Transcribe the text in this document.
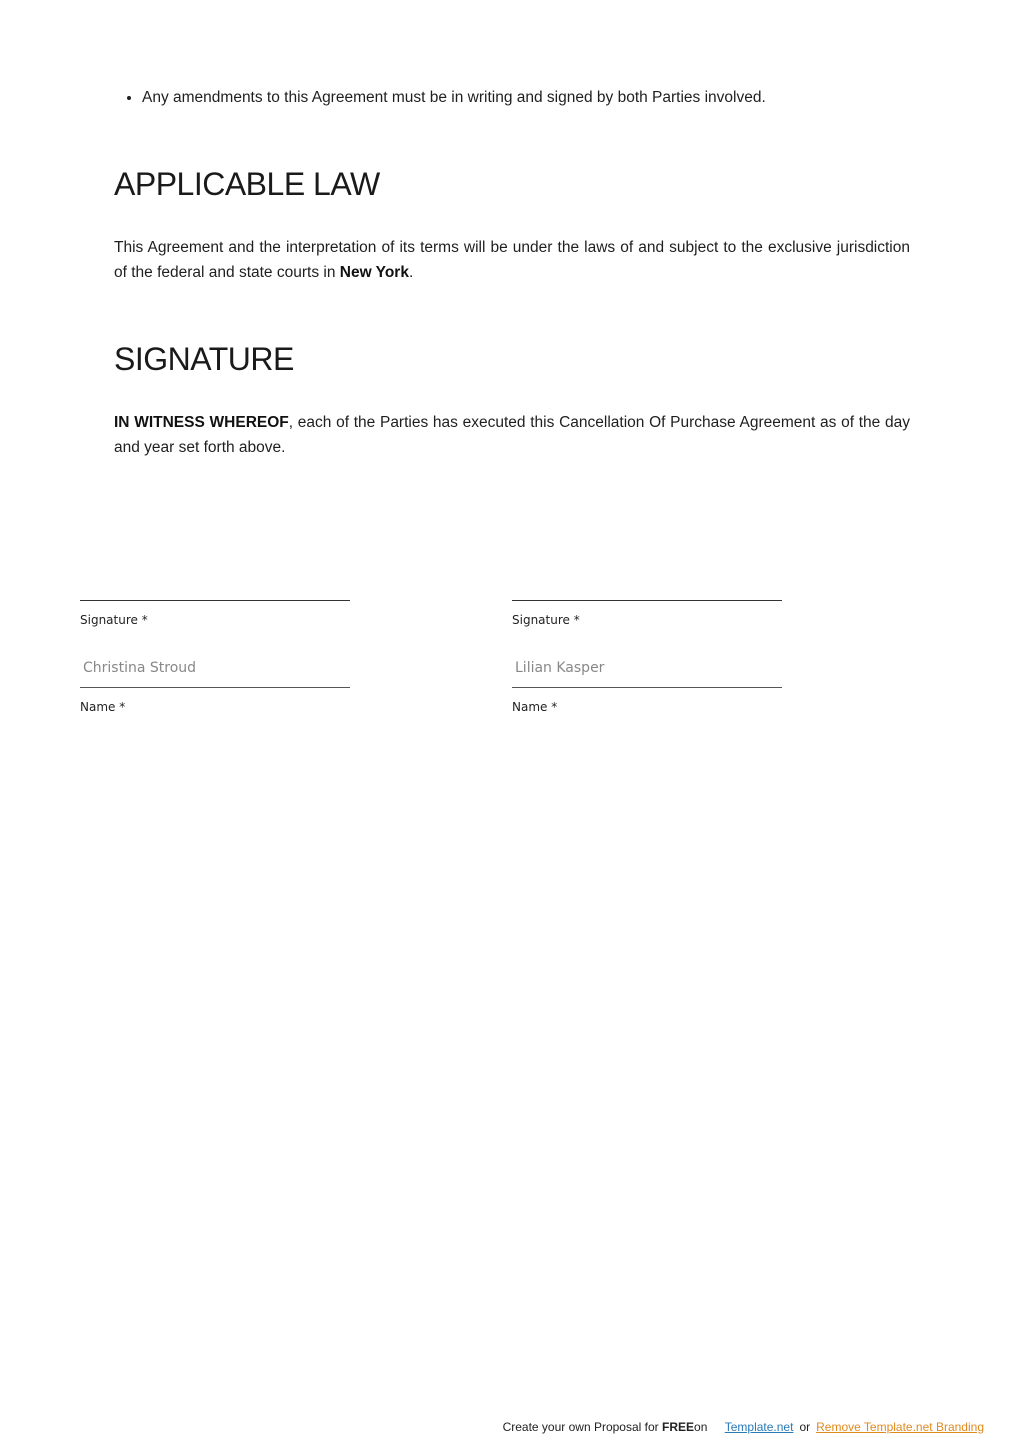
• Any amendments to this Agreement must be in writing and signed by both Parties involved.
APPLICABLE LAW

This Agreement and the interpretation of its terms will be under the laws of and subject to the exclusive jurisdiction of the federal and state courts in New York.

SIGNATURE

IN WITNESS WHEREOF, each of the Parties has executed this Cancellation Of Purchase Agreement as of the day and year set forth above.

Signature *
Christina Stroud
Name *
Signature *
Lilian Kasper
Name *
Create your own Proposal for FREEon Template.net or Remove Template.net Branding
